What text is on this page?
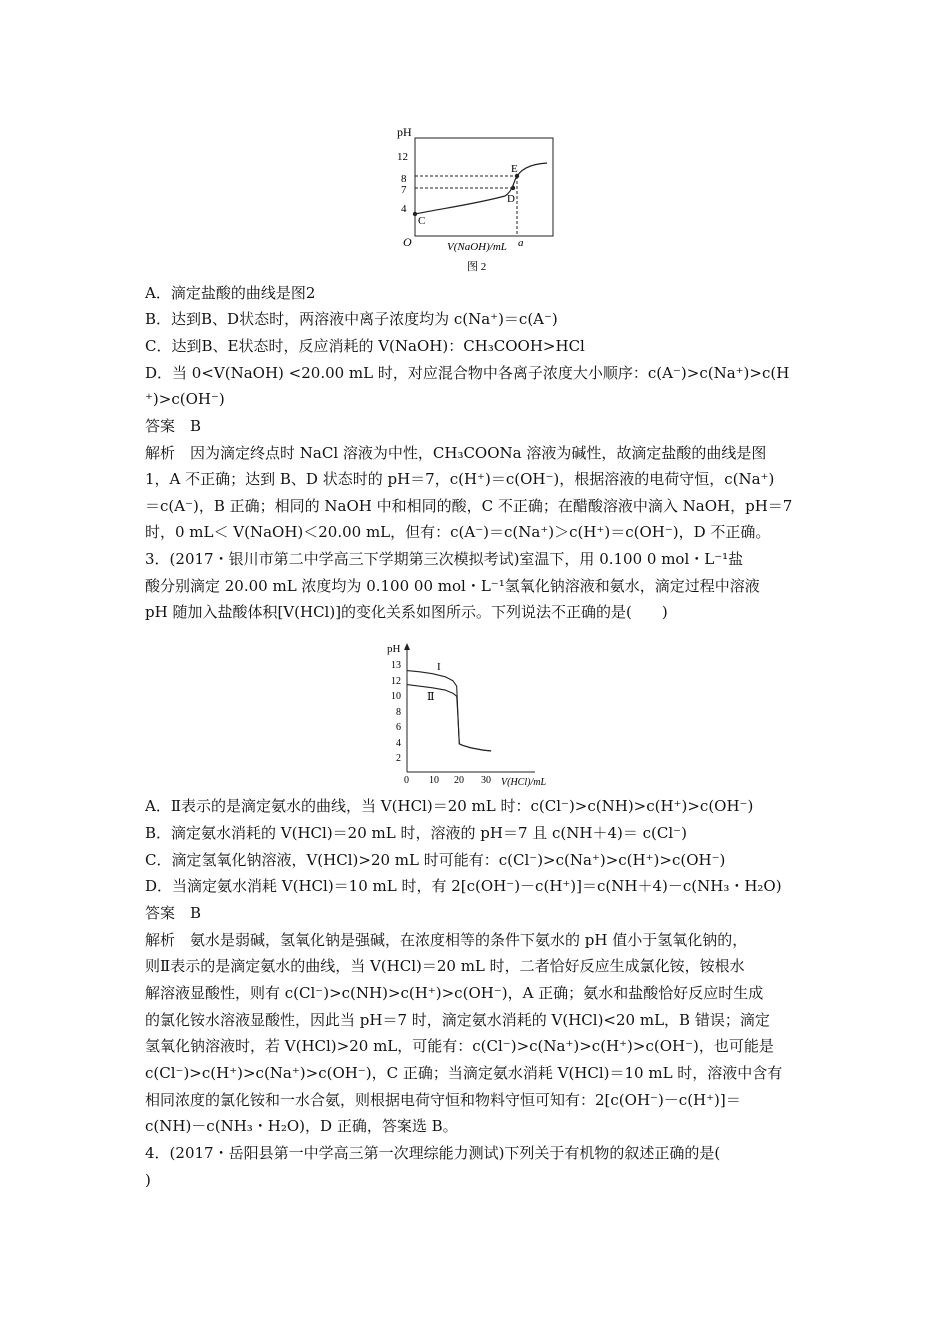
pH
12
8
7
4
O
C
D
E
V(NaOH)/mL a
图 2
A．滴定盐酸的曲线是图2
B．达到B、D状态时，两溶液中离子浓度均为 c(Na⁺)＝c(A⁻)
C．达到B、E状态时，反应消耗的 V(NaOH)：CH₃COOH>HCl
D．当 0<V(NaOH) <20.00 mL 时，对应混合物中各离子浓度大小顺序：c(A⁻)>c(Na⁺)>c(H
⁺)>c(OH⁻)
答案　B
解析　因为滴定终点时 NaCl 溶液为中性，CH₃COONa 溶液为碱性，故滴定盐酸的曲线是图
1，A 不正确；达到 B、D 状态时的 pH＝7，c(H⁺)＝c(OH⁻)，根据溶液的电荷守恒，c(Na⁺)
＝c(A⁻)，B 正确；相同的 NaOH 中和相同的酸，C 不正确；在醋酸溶液中滴入 NaOH，pH＝7
时，0 mL＜ V(NaOH)＜20.00 mL，但有：c(A⁻)＝c(Na⁺)＞c(H⁺)＝c(OH⁻)，D 不正确。
3．(2017・银川市第二中学高三下学期第三次模拟考试)室温下，用 0.100 0 mol・L⁻¹盐
酸分别滴定 20.00 mL 浓度均为 0.100 00 mol・L⁻¹氢氧化钠溶液和氨水，滴定过程中溶液
pH 随加入盐酸体积[V(HCl)]的变化关系如图所示。下列说法不正确的是(　　)
pH
13
12
10
8
6
4
2
0 10 20 30 V(HCl)/mL
I
Ⅱ
A．Ⅱ表示的是滴定氨水的曲线，当 V(HCl)＝20 mL 时：c(Cl⁻)>c(NH)>c(H⁺)>c(OH⁻)
B．滴定氨水消耗的 V(HCl)＝20 mL 时，溶液的 pH＝7 且 c(NH＋4)＝ c(Cl⁻)
C．滴定氢氧化钠溶液，V(HCl)>20 mL 时可能有：c(Cl⁻)>c(Na⁺)>c(H⁺)>c(OH⁻)
D．当滴定氨水消耗 V(HCl)＝10 mL 时，有 2[c(OH⁻)－c(H⁺)]＝c(NH＋4)－c(NH₃・H₂O)
答案　B
解析　氨水是弱碱，氢氧化钠是强碱，在浓度相等的条件下氨水的 pH 值小于氢氧化钠的，
则Ⅱ表示的是滴定氨水的曲线，当 V(HCl)＝20 mL 时，二者恰好反应生成氯化铵，铵根水
解溶液显酸性，则有 c(Cl⁻)>c(NH)>c(H⁺)>c(OH⁻)，A 正确；氨水和盐酸恰好反应时生成
的氯化铵水溶液显酸性，因此当 pH＝7 时，滴定氨水消耗的 V(HCl)<20 mL，B 错误；滴定
氢氧化钠溶液时，若 V(HCl)>20 mL，可能有：c(Cl⁻)>c(Na⁺)>c(H⁺)>c(OH⁻)，也可能是
c(Cl⁻)>c(H⁺)>c(Na⁺)>c(OH⁻)，C 正确；当滴定氨水消耗 V(HCl)＝10 mL 时，溶液中含有
相同浓度的氯化铵和一水合氨，则根据电荷守恒和物料守恒可知有：2[c(OH⁻)－c(H⁺)]＝
c(NH)－c(NH₃・H₂O)，D 正确，答案选 B。
4．(2017・岳阳县第一中学高三第一次理综能力测试)下列关于有机物的叙述正确的是(
)
